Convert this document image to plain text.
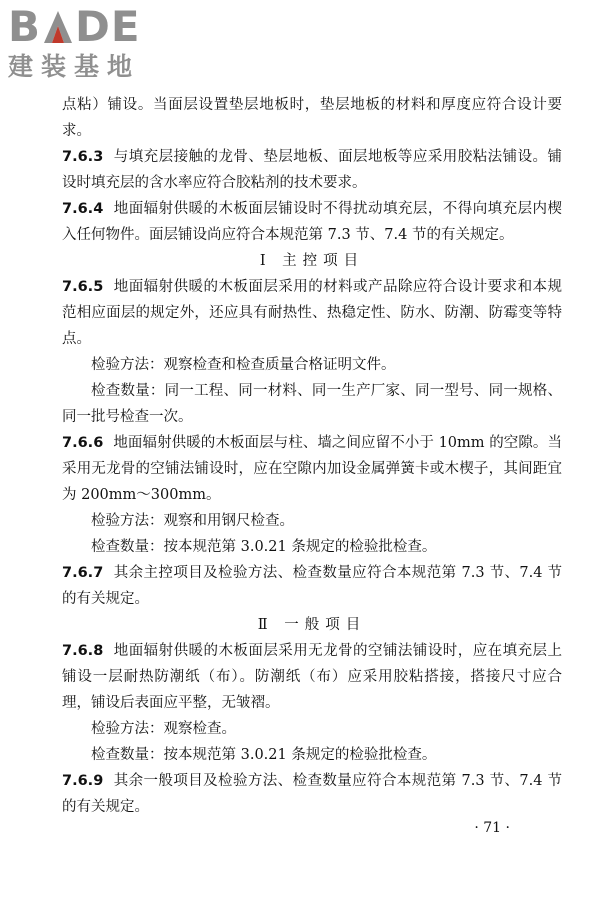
B DE
建装基地

点粘）铺设。当面层设置垫层地板时，垫层地板的材料和厚度应符合设计要求。

7.6.3 与填充层接触的龙骨、垫层地板、面层地板等应采用胶粘法铺设。铺设时填充层的含水率应符合胶粘剂的技术要求。

7.6.4 地面辐射供暖的木板面层铺设时不得扰动填充层，不得向填充层内楔入任何物件。面层铺设尚应符合本规范第 7.3 节、7.4 节的有关规定。

Ⅰ 主控项目

7.6.5 地面辐射供暖的木板面层采用的材料或产品除应符合设计要求和本规范相应面层的规定外，还应具有耐热性、热稳定性、防水、防潮、防霉变等特点。

检验方法：观察检查和检查质量合格证明文件。

检查数量：同一工程、同一材料、同一生产厂家、同一型号、同一规格、同一批号检查一次。

7.6.6 地面辐射供暖的木板面层与柱、墙之间应留不小于 10mm 的空隙。当采用无龙骨的空铺法铺设时，应在空隙内加设金属弹簧卡或木楔子，其间距宜为 200mm～300mm。

检验方法：观察和用钢尺检查。

检查数量：按本规范第 3.0.21 条规定的检验批检查。

7.6.7 其余主控项目及检验方法、检查数量应符合本规范第 7.3 节、7.4 节的有关规定。

Ⅱ 一般项目

7.6.8 地面辐射供暖的木板面层采用无龙骨的空铺法铺设时，应在填充层上铺设一层耐热防潮纸（布）。防潮纸（布）应采用胶粘搭接，搭接尺寸应合理，铺设后表面应平整，无皱褶。

检验方法：观察检查。

检查数量：按本规范第 3.0.21 条规定的检验批检查。

7.6.9 其余一般项目及检验方法、检查数量应符合本规范第 7.3 节、7.4 节的有关规定。

· 71 ·
